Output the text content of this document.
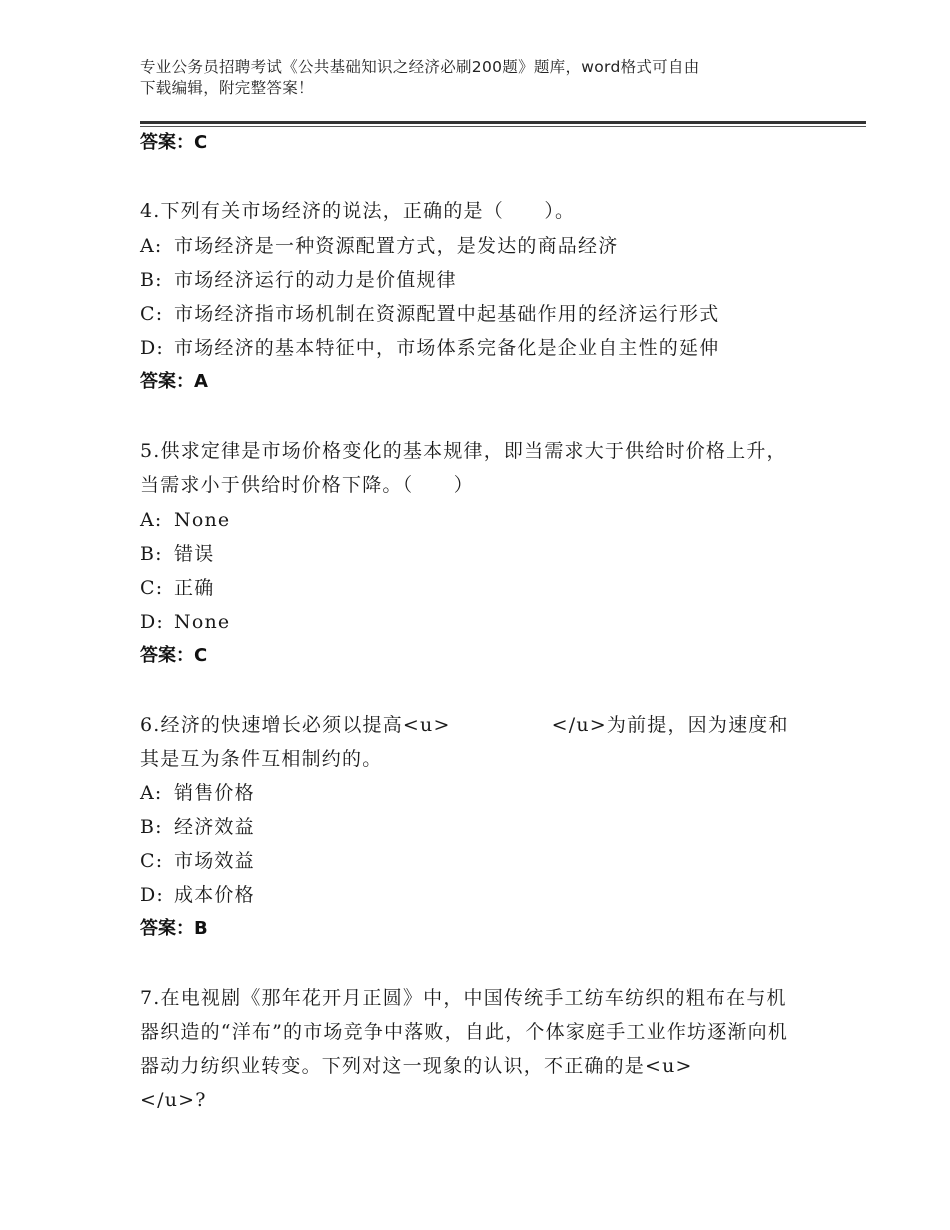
专业公务员招聘考试《公共基础知识之经济必刷200题》题库，word格式可自由
下载编辑，附完整答案！
答案：C
4.下列有关市场经济的说法，正确的是（　　）。
A: 市场经济是一种资源配置方式，是发达的商品经济
B: 市场经济运行的动力是价值规律
C: 市场经济指市场机制在资源配置中起基础作用的经济运行形式
D: 市场经济的基本特征中，市场体系完备化是企业自主性的延伸
答案：A
5.供求定律是市场价格变化的基本规律，即当需求大于供给时价格上升，当需求小于供给时价格下降。（　　）
A: None
B: 错误
C: 正确
D: None
答案：C
6.经济的快速增长必须以提高<u>　　　　　</u>为前提，因为速度和其是互为条件互相制约的。
A: 销售价格
B: 经济效益
C: 市场效益
D: 成本价格
答案：B
7.在电视剧《那年花开月正圆》中，中国传统手工纺车纺织的粗布在与机器织造的“洋布”的市场竞争中落败，自此，个体家庭手工业作坊逐渐向机器动力纺织业转变。下列对这一现象的认识，不正确的是<u>　　　　　</u>?
